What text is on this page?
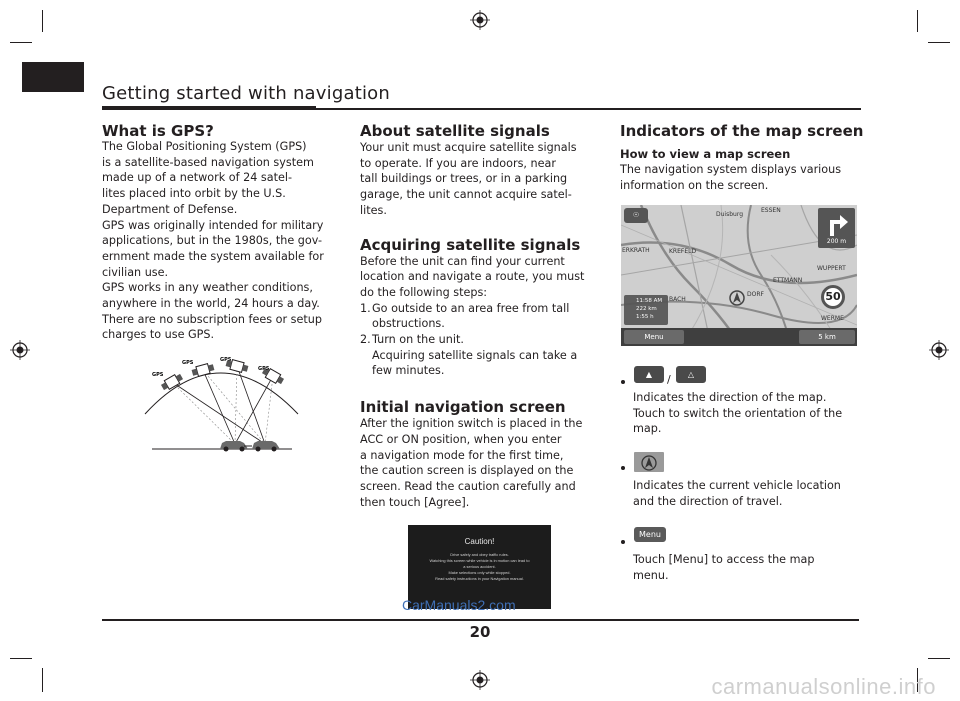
Getting started with navigation
What is GPS?

The Global Positioning System (GPS)

is a satellite-based navigation system

made up of a network of 24 satel-

lites placed into orbit by the U.S.

Department of Defense.

GPS was originally intended for military

applications, but in the 1980s, the gov-

ernment made the system available for

civilian use.

GPS works in any weather conditions,

anywhere in the world, 24 hours a day.

There are no subscription fees or setup

charges to use GPS.

GPS
GPS	GPS
GPS
About satellite signals

Your unit must acquire satellite signals

to operate. If you are indoors, near

tall buildings or trees, or in a parking

garage, the unit cannot acquire satel-

lites.

Acquiring satellite signals

Before the unit can find your current

location and navigate a route, you must

do the following steps:

1. Go outside to an area free from tall
obstructions.
2. Turn on the unit.
Acquiring satellite signals can take a
few minutes.
Initial navigation screen

After the ignition switch is placed in the

ACC or ON position, when you enter

a navigation mode for the first time,

the caution screen is displayed on the

screen. Read the caution carefully and

then touch [Agree].

Caution!
Drive safely and obey traffic rules.
Watching this screen while vehicle is in motion can lead to
a serious accident.
Make selections only while stopped.
Read safety instructions in your Navigation manual.
CarManuals2.com
Indicators of the map screen
How to view a map screen

The navigation system displays various

information on the screen.

ESSEN
Duisburg
KREFELD
ERKRATH
ETTMANN
WUPPERT
WERME
DORF
BACH
☉
200 m
11:58 AM
222 km
1:55 h
50
Menu	5 km
▲	/	△
Indicates the direction of the map.
Touch to switch the orientation of the
map.
Indicates the current vehicle location
and the direction of travel.
Menu
Touch [Menu] to access the map
menu.
20
carmanualsonline.info
